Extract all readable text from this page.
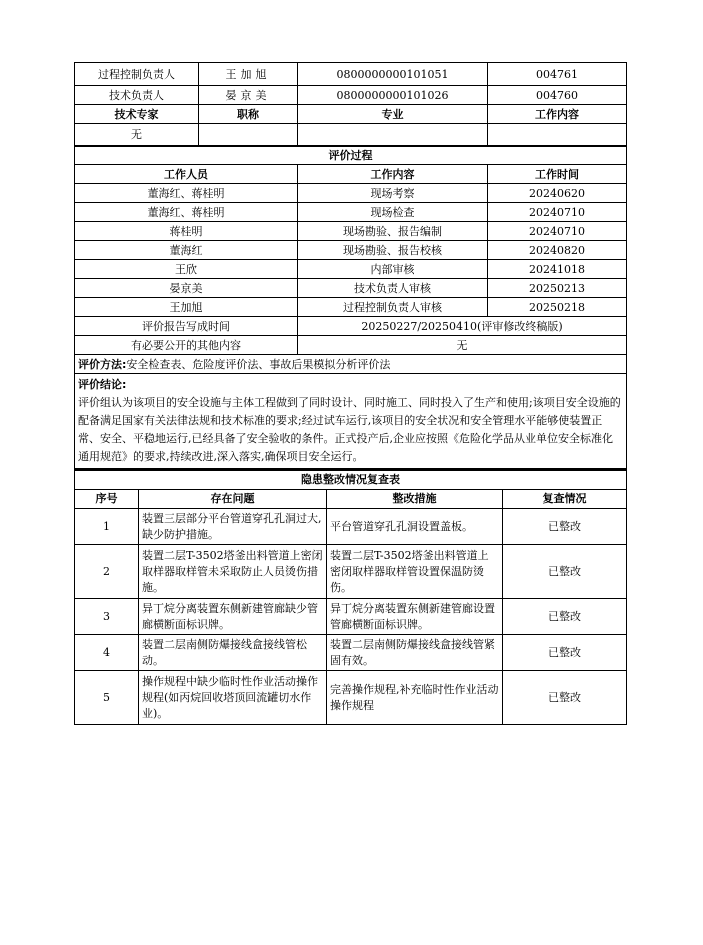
过程控制负责人	王加旭	0800000000101051	004761
技术负责人	晏京美	0800000000101026	004760
技术专家	职称	专业	工作内容
无			
评价过程			
工作人员		工作内容	工作时间
董海红、蒋桂明		现场考察	20240620
董海红、蒋桂明		现场检查	20240710
蒋桂明		现场勘验、报告编制	20240710
董海红		现场勘验、报告校核	20240820
王欣		内部审核	20241018
晏京美		技术负责人审核	20250213
王加旭		过程控制负责人审核	20250218
评价报告写成时间		20250227/20250410(评审修改终稿版)	
有必要公开的其他内容		无	
评价方法:安全检查表、危险度评价法、事故后果模拟分析评价法			

评价结论:
评价组认为该项目的安全设施与主体工程做到了同时设计、同时施工、同时投入了生产和使用;该项目安全设施的配备满足国家有关法律法规和技术标准的要求;经过试车运行,该项目的安全状况和安全管理水平能够使装置正常、安全、平稳地运行,已经具备了安全验收的条件。正式投产后,企业应按照《危险化学品从业单位安全标准化通用规范》的要求,持续改进,深入落实,确保项目安全运行。			
隐患整改情况复查表			
序号	存在问题	整改措施	复查情况
1	装置三层部分平台管道穿孔孔洞过大,缺少防护措施。	平台管道穿孔孔洞设置盖板。	已整改
2	装置二层T-3502塔釜出料管道上密闭取样器取样管未采取防止人员烫伤措施。	装置二层T-3502塔釜出料管道上密闭取样器取样管设置保温防烫伤。	已整改
3	异丁烷分离装置东侧新建管廊缺少管廊横断面标识牌。	异丁烷分离装置东侧新建管廊设置管廊横断面标识牌。	已整改
4	装置二层南侧防爆接线盒接线管松动。	装置二层南侧防爆接线盒接线管紧固有效。	已整改
5	操作规程中缺少临时性作业活动操作规程(如丙烷回收塔顶回流罐切水作业)。	完善操作规程,补充临时性作业活动操作规程	已整改
